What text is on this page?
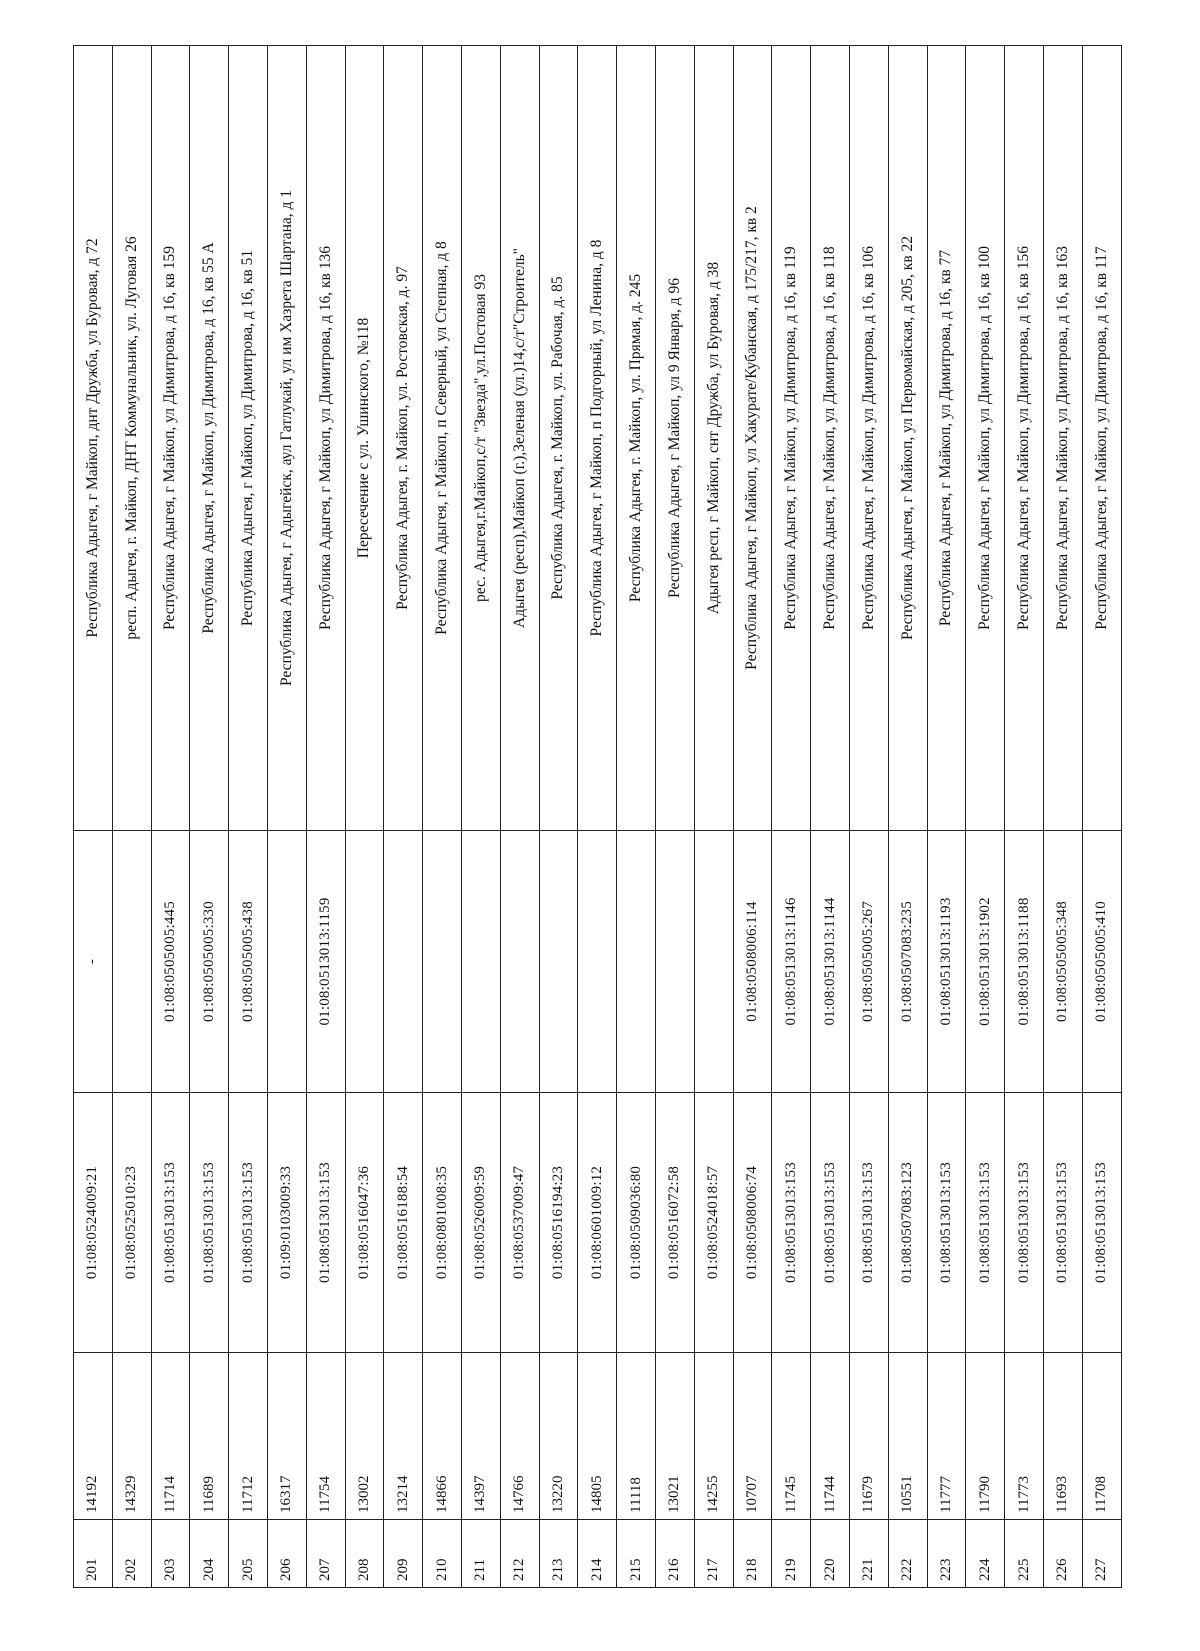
201	14192	01:08:0524009:21	-	Республика Адыгея, г Майкоп, днт Дружба, ул Буровая, д 72
202	14329	01:08:0525010:23		респ. Адыгея, г. Майкоп, ДНТ Коммунальник, ул. Луговая 26
203	11714	01:08:0513013:153	01:08:0505005:445	Республика Адыгея, г Майкоп, ул Димитрова, д 16, кв 159
204	11689	01:08:0513013:153	01:08:0505005:330	Республика Адыгея, г Майкоп, ул Димитрова, д 16, кв 55 А
205	11712	01:08:0513013:153	01:08:0505005:438	Республика Адыгея, г Майкоп, ул Димитрова, д 16, кв 51
206	16317	01:09:0103009:33		Республика Адыгея, г Адыгейск, аул Гатлукай, ул им Хазрета Шартана, д 1
207	11754	01:08:0513013:153	01:08:0513013:1159	Республика Адыгея, г Майкоп, ул Димитрова, д 16, кв 136
208	13002	01:08:0516047:36		Пересечение с ул. Ушинского, №118
209	13214	01:08:0516188:54		Республика Адыгея, г. Майкоп, ул. Ростовская, д. 97
210	14866	01:08:0801008:35		Республика Адыгея, г Майкоп, п Северный, ул Степная, д 8
211	14397	01:08:0526009:59		рес. Адыгея,г.Майкоп,с/т "Звезда",ул.Постовая 93
212	14766	01:08:0537009:47		Адыгея (респ),Майкоп (г.),Зеленая (ул.)14,с/т"Строитель"
213	13220	01:08:0516194:23		Республика Адыгея, г. Майкоп, ул. Рабочая, д. 85
214	14805	01:08:0601009:12		Республика Адыгея, г Майкоп, п Подгорный, ул Ленина, д 8
215	11118	01:08:0509036:80		Республика Адыгея, г. Майкоп, ул. Прямая, д. 245
216	13021	01:08:0516072:58		Республика Адыгея, г Майкоп, ул 9 Января, д 96
217	14255	01:08:0524018:57		Адыгея респ, г Майкоп, снт Дружба, ул Буровая, д 38
218	10707	01:08:0508006:74	01:08:0508006:114	Республика Адыгея, г Майкоп, ул Хакурате/Кубанская, д 175/217, кв 2
219	11745	01:08:0513013:153	01:08:0513013:1146	Республика Адыгея, г Майкоп, ул Димитрова, д 16, кв 119
220	11744	01:08:0513013:153	01:08:0513013:1144	Республика Адыгея, г Майкоп, ул Димитрова, д 16, кв 118
221	11679	01:08:0513013:153	01:08:0505005:267	Республика Адыгея, г Майкоп, ул Димитрова, д 16, кв 106
222	10551	01:08:0507083:123	01:08:0507083:235	Республика Адыгея, г Майкоп, ул Первомайская, д 205, кв 22
223	11777	01:08:0513013:153	01:08:0513013:1193	Республика Адыгея, г Майкоп, ул Димитрова, д 16, кв 77
224	11790	01:08:0513013:153	01:08:0513013:1902	Республика Адыгея, г Майкоп, ул Димитрова, д 16, кв 100
225	11773	01:08:0513013:153	01:08:0513013:1188	Республика Адыгея, г Майкоп, ул Димитрова, д 16, кв 156
226	11693	01:08:0513013:153	01:08:0505005:348	Республика Адыгея, г Майкоп, ул Димитрова, д 16, кв 163
227	11708	01:08:0513013:153	01:08:0505005:410	Республика Адыгея, г Майкоп, ул Димитрова, д 16, кв 117
